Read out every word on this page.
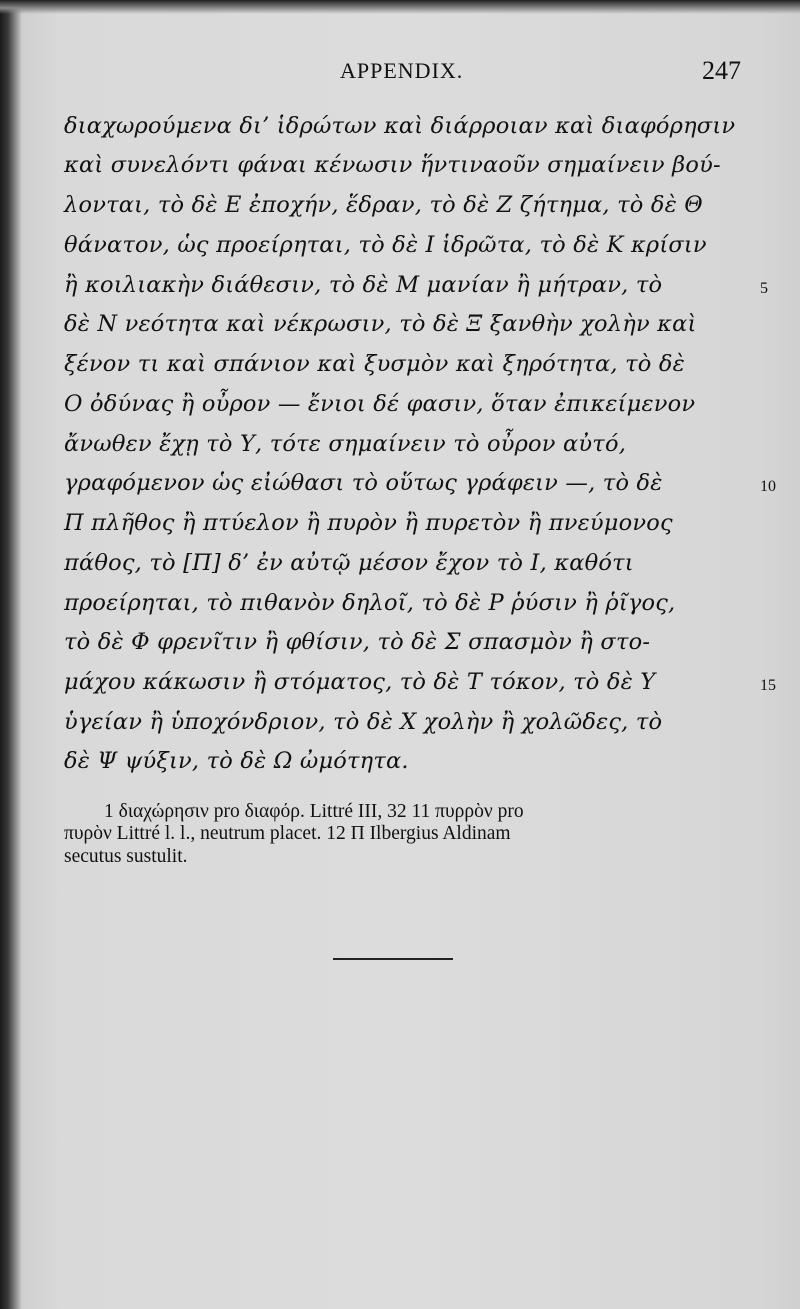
APPENDIX.	247
διαχωρούμενα δι’ ἱδρώτων καὶ διάρροιαν καὶ διαφόρησιν
καὶ συνελόντι φάναι κένωσιν ἥντιναοῦν σημαίνειν βού-
λονται, τὸ δὲ Ε ἐποχήν, ἕδραν, τὸ δὲ Ζ ζήτημα, τὸ δὲ Θ
θάνατον, ὡς προείρηται, τὸ δὲ Ι ἱδρῶτα, τὸ δὲ Κ κρίσιν
ἢ κοιλιακὴν διάθεσιν, τὸ δὲ Μ μανίαν ἢ μήτραν, τὸ	5
δὲ Ν νεότητα καὶ νέκρωσιν, τὸ δὲ Ξ ξανθὴν χολὴν καὶ
ξένον τι καὶ σπάνιον καὶ ξυσμὸν καὶ ξηρότητα, τὸ δὲ
Ο ὀδύνας ἢ οὖρον — ἔνιοι δέ φασιν, ὅταν ἐπικείμενον
ἄνωθεν ἔχῃ τὸ Υ, τότε σημαίνειν τὸ οὖρον αὐτό,
γραφόμενον ὡς εἰώθασι τὸ οὕτως γράφειν —, τὸ δὲ	10
Π πλῆθος ἢ πτύελον ἢ πυρὸν ἢ πυρετὸν ἢ πνεύμονος
πάθος, τὸ [Π] δ’ ἐν αὐτῷ μέσον ἔχον τὸ Ι, καθότι
προείρηται, τὸ πιθανὸν δηλοῖ, τὸ δὲ Ρ ῥύσιν ἢ ῥῖγος,
τὸ δὲ Φ φρενῖτιν ἢ φθίσιν, τὸ δὲ Σ σπασμὸν ἢ στο-
μάχου κάκωσιν ἢ στόματος, τὸ δὲ Τ τόκον, τὸ δὲ Υ	15
ὑγείαν ἢ ὑποχόνδριον, τὸ δὲ Χ χολὴν ἢ χολῶδες, τὸ
δὲ Ψ ψύξιν, τὸ δὲ Ω ὠμότητα.
1 διαχώρησιν pro διαφόρ. Littré III, 32 11 πυρρὸν pro
πυρὸν Littré l. l., neutrum placet. 12 Π Ilbergius Aldinam
secutus sustulit.
